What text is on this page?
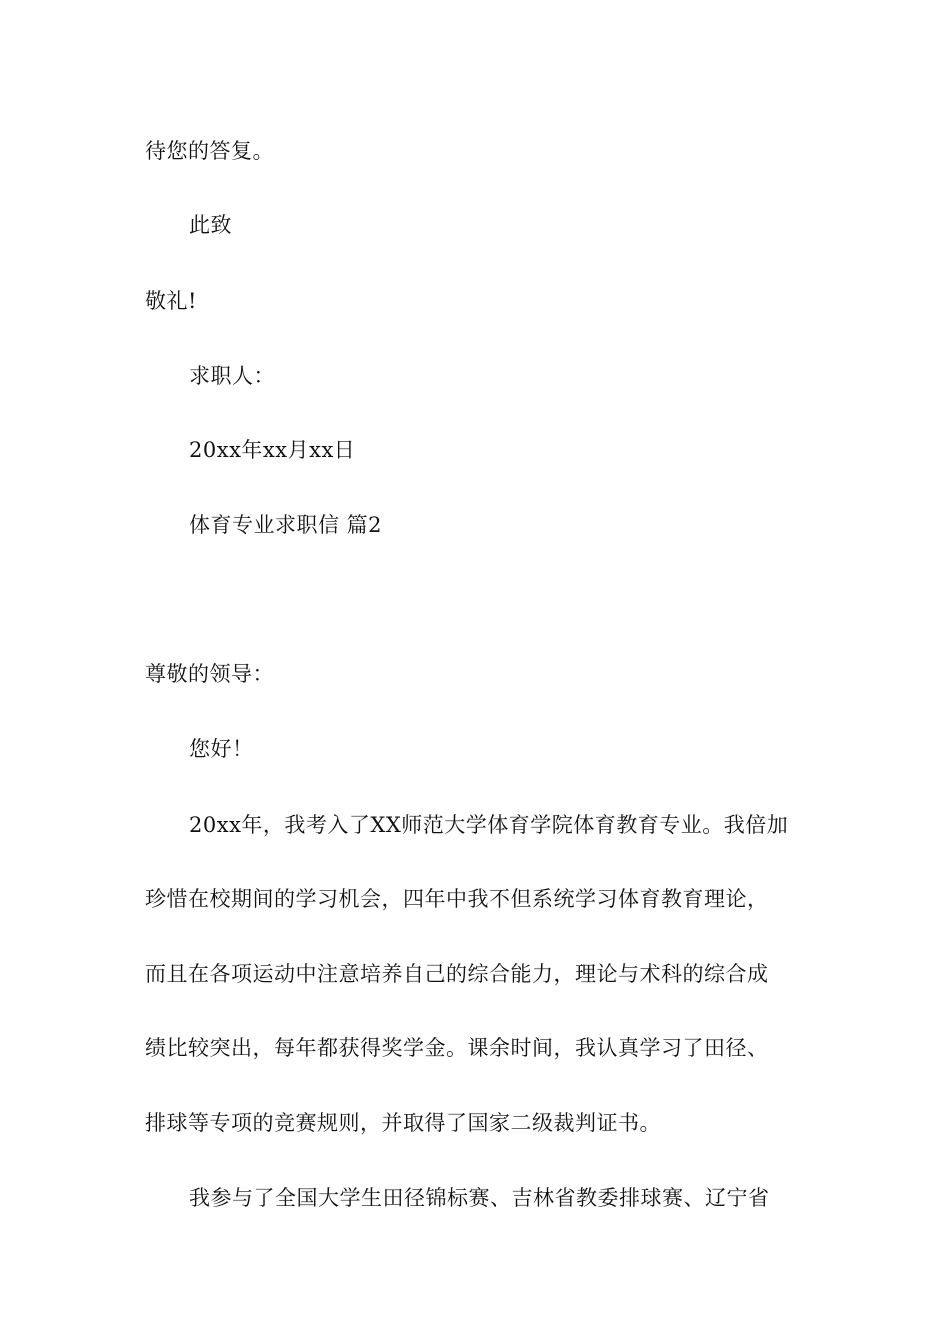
待您的答复。
此致
敬礼!
求职人：
20xx年xx月xx日
体育专业求职信 篇2
尊敬的领导：
您好！
20xx年，我考入了XX师范大学体育学院体育教育专业。我倍加
珍惜在校期间的学习机会，四年中我不但系统学习体育教育理论，
而且在各项运动中注意培养自己的综合能力，理论与术科的综合成
绩比较突出，每年都获得奖学金。课余时间，我认真学习了田径、
排球等专项的竞赛规则，并取得了国家二级裁判证书。
我参与了全国大学生田径锦标赛、吉林省教委排球赛、辽宁省
